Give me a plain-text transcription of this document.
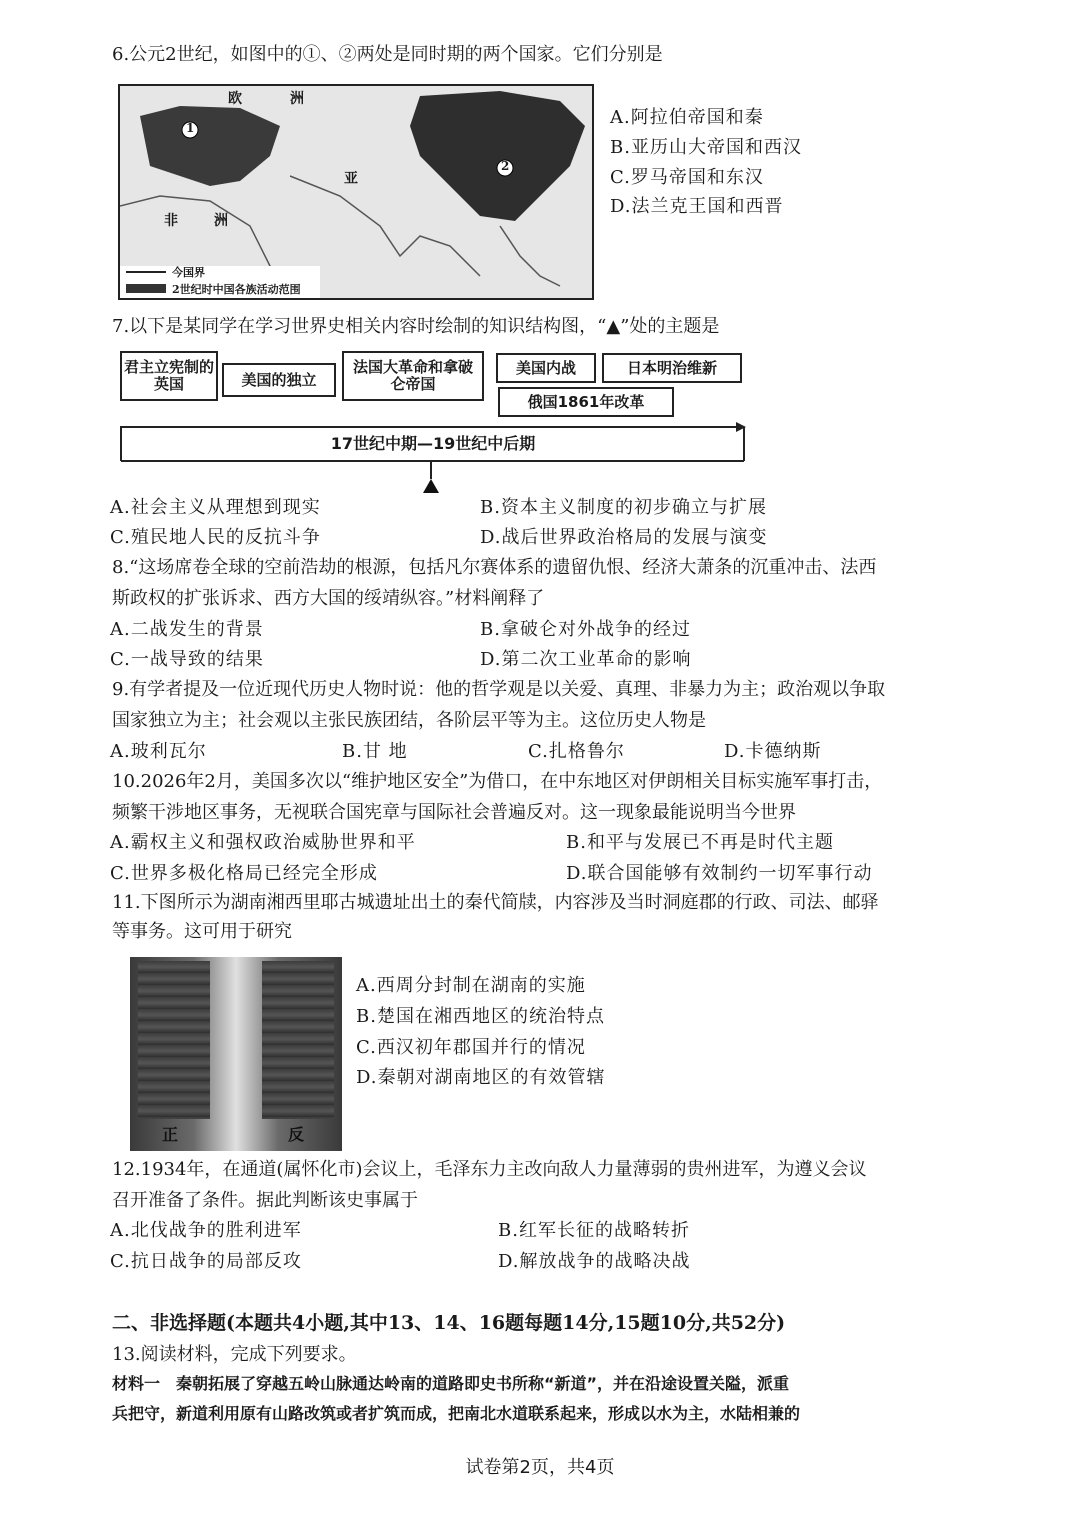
6.公元2世纪，如图中的①、②两处是同时期的两个国家。它们分别是
欧	洲
亚
非	洲
1
2
今国界
2世纪时中国各族活动范围
A.阿拉伯帝国和秦
B.亚历山大帝国和西汉
C.罗马帝国和东汉
D.法兰克王国和西晋
7.以下是某同学在学习世界史相关内容时绘制的知识结构图，“▲”处的主题是
君主立宪制的英国	美国的独立
法国大革命和拿破仑帝国
美国内战	日本明治维新
俄国1861年改革
17世纪中期—19世纪中后期
A.社会主义从理想到现实	B.资本主义制度的初步确立与扩展
C.殖民地人民的反抗斗争	D.战后世界政治格局的发展与演变
8.“这场席卷全球的空前浩劫的根源，包括凡尔赛体系的遗留仇恨、经济大萧条的沉重冲击、法西
斯政权的扩张诉求、西方大国的绥靖纵容。”材料阐释了
A.二战发生的背景	B.拿破仑对外战争的经过
C.一战导致的结果	D.第二次工业革命的影响
9.有学者提及一位近现代历史人物时说：他的哲学观是以关爱、真理、非暴力为主；政治观以争取
国家独立为主；社会观以主张民族团结，各阶层平等为主。这位历史人物是
A.玻利瓦尔	B.甘 地	C.扎格鲁尔	D.卡德纳斯
10.2026年2月，美国多次以“维护地区安全”为借口，在中东地区对伊朗相关目标实施军事打击，
频繁干涉地区事务，无视联合国宪章与国际社会普遍反对。这一现象最能说明当今世界
A.霸权主义和强权政治威胁世界和平	B.和平与发展已不再是时代主题
C.世界多极化格局已经完全形成	D.联合国能够有效制约一切军事行动
11.下图所示为湖南湘西里耶古城遗址出土的秦代简牍，内容涉及当时洞庭郡的行政、司法、邮驿
等事务。这可用于研究
正	反
A.西周分封制在湖南的实施
B.楚国在湘西地区的统治特点
C.西汉初年郡国并行的情况
D.秦朝对湖南地区的有效管辖
12.1934年，在通道(属怀化市)会议上，毛泽东力主改向敌人力量薄弱的贵州进军，为遵义会议
召开准备了条件。据此判断该史事属于
A.北伐战争的胜利进军	B.红军长征的战略转折
C.抗日战争的局部反攻	D.解放战争的战略决战
二、非选择题(本题共4小题,其中13、14、16题每题14分,15题10分,共52分)
13.阅读材料，完成下列要求。
材料一　秦朝拓展了穿越五岭山脉通达岭南的道路即史书所称“新道”，并在沿途设置关隘，派重
兵把守，新道利用原有山路改筑或者扩筑而成，把南北水道联系起来，形成以水为主，水陆相兼的
试卷第2页，共4页
